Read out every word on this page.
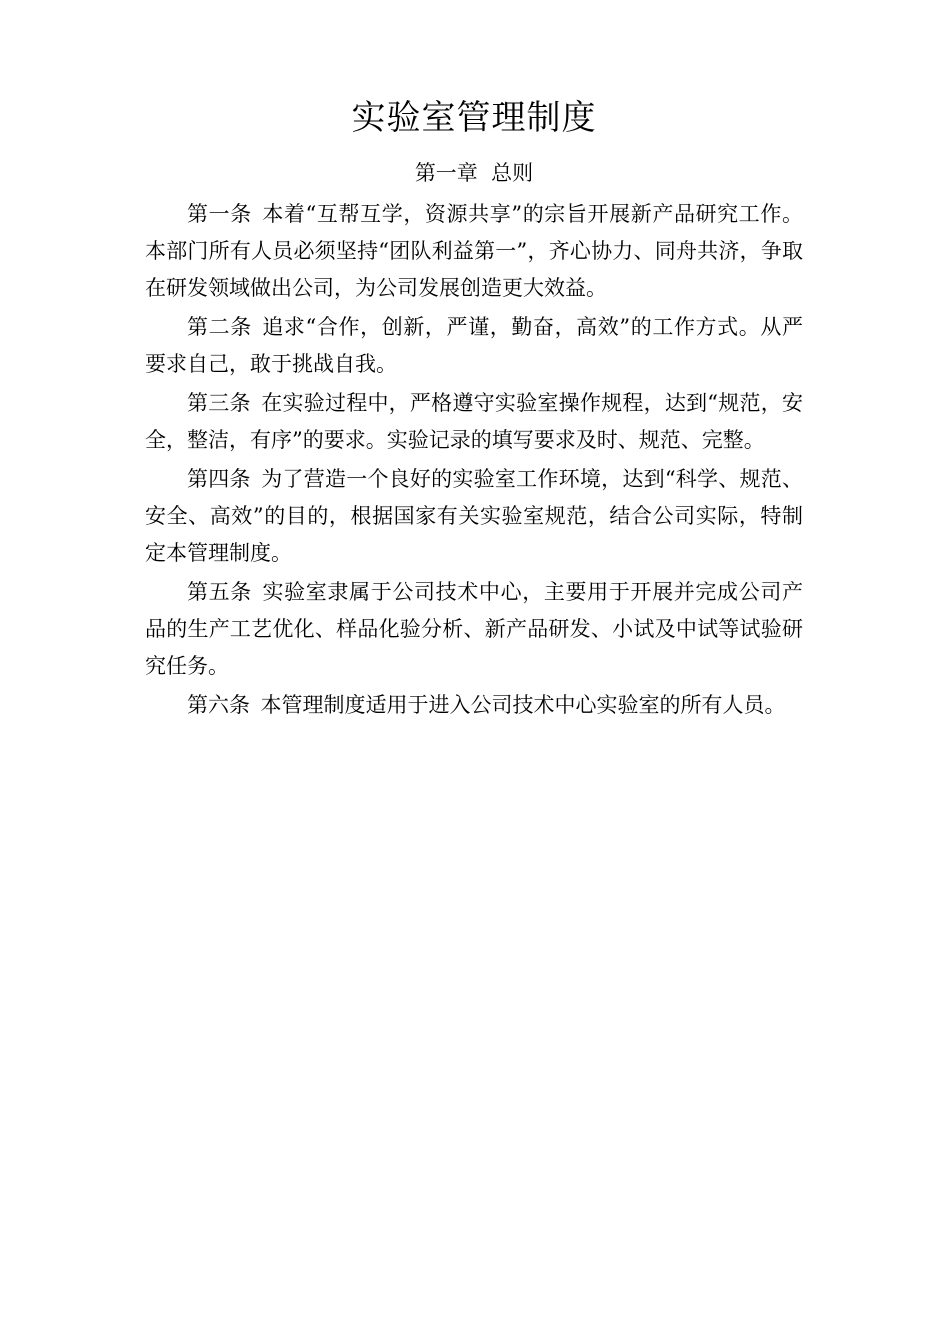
实验室管理制度
第一章  总则

第一条 本着“互帮互学，资源共享”的宗旨开展新产品研究工作。本部门所有人员必须坚持“团队利益第一”，齐心协力、同舟共济，争取在研发领域做出公司，为公司发展创造更大效益。

第二条 追求“合作，创新，严谨，勤奋，高效”的工作方式。从严要求自己，敢于挑战自我。

第三条 在实验过程中，严格遵守实验室操作规程，达到“规范，安全，整洁，有序”的要求。实验记录的填写要求及时、规范、完整。

第四条 为了营造一个良好的实验室工作环境，达到“科学、规范、安全、高效”的目的，根据国家有关实验室规范，结合公司实际，特制定本管理制度。

第五条 实验室隶属于公司技术中心，主要用于开展并完成公司产品的生产工艺优化、样品化验分析、新产品研发、小试及中试等试验研究任务。

第六条 本管理制度适用于进入公司技术中心实验室的所有人员。
